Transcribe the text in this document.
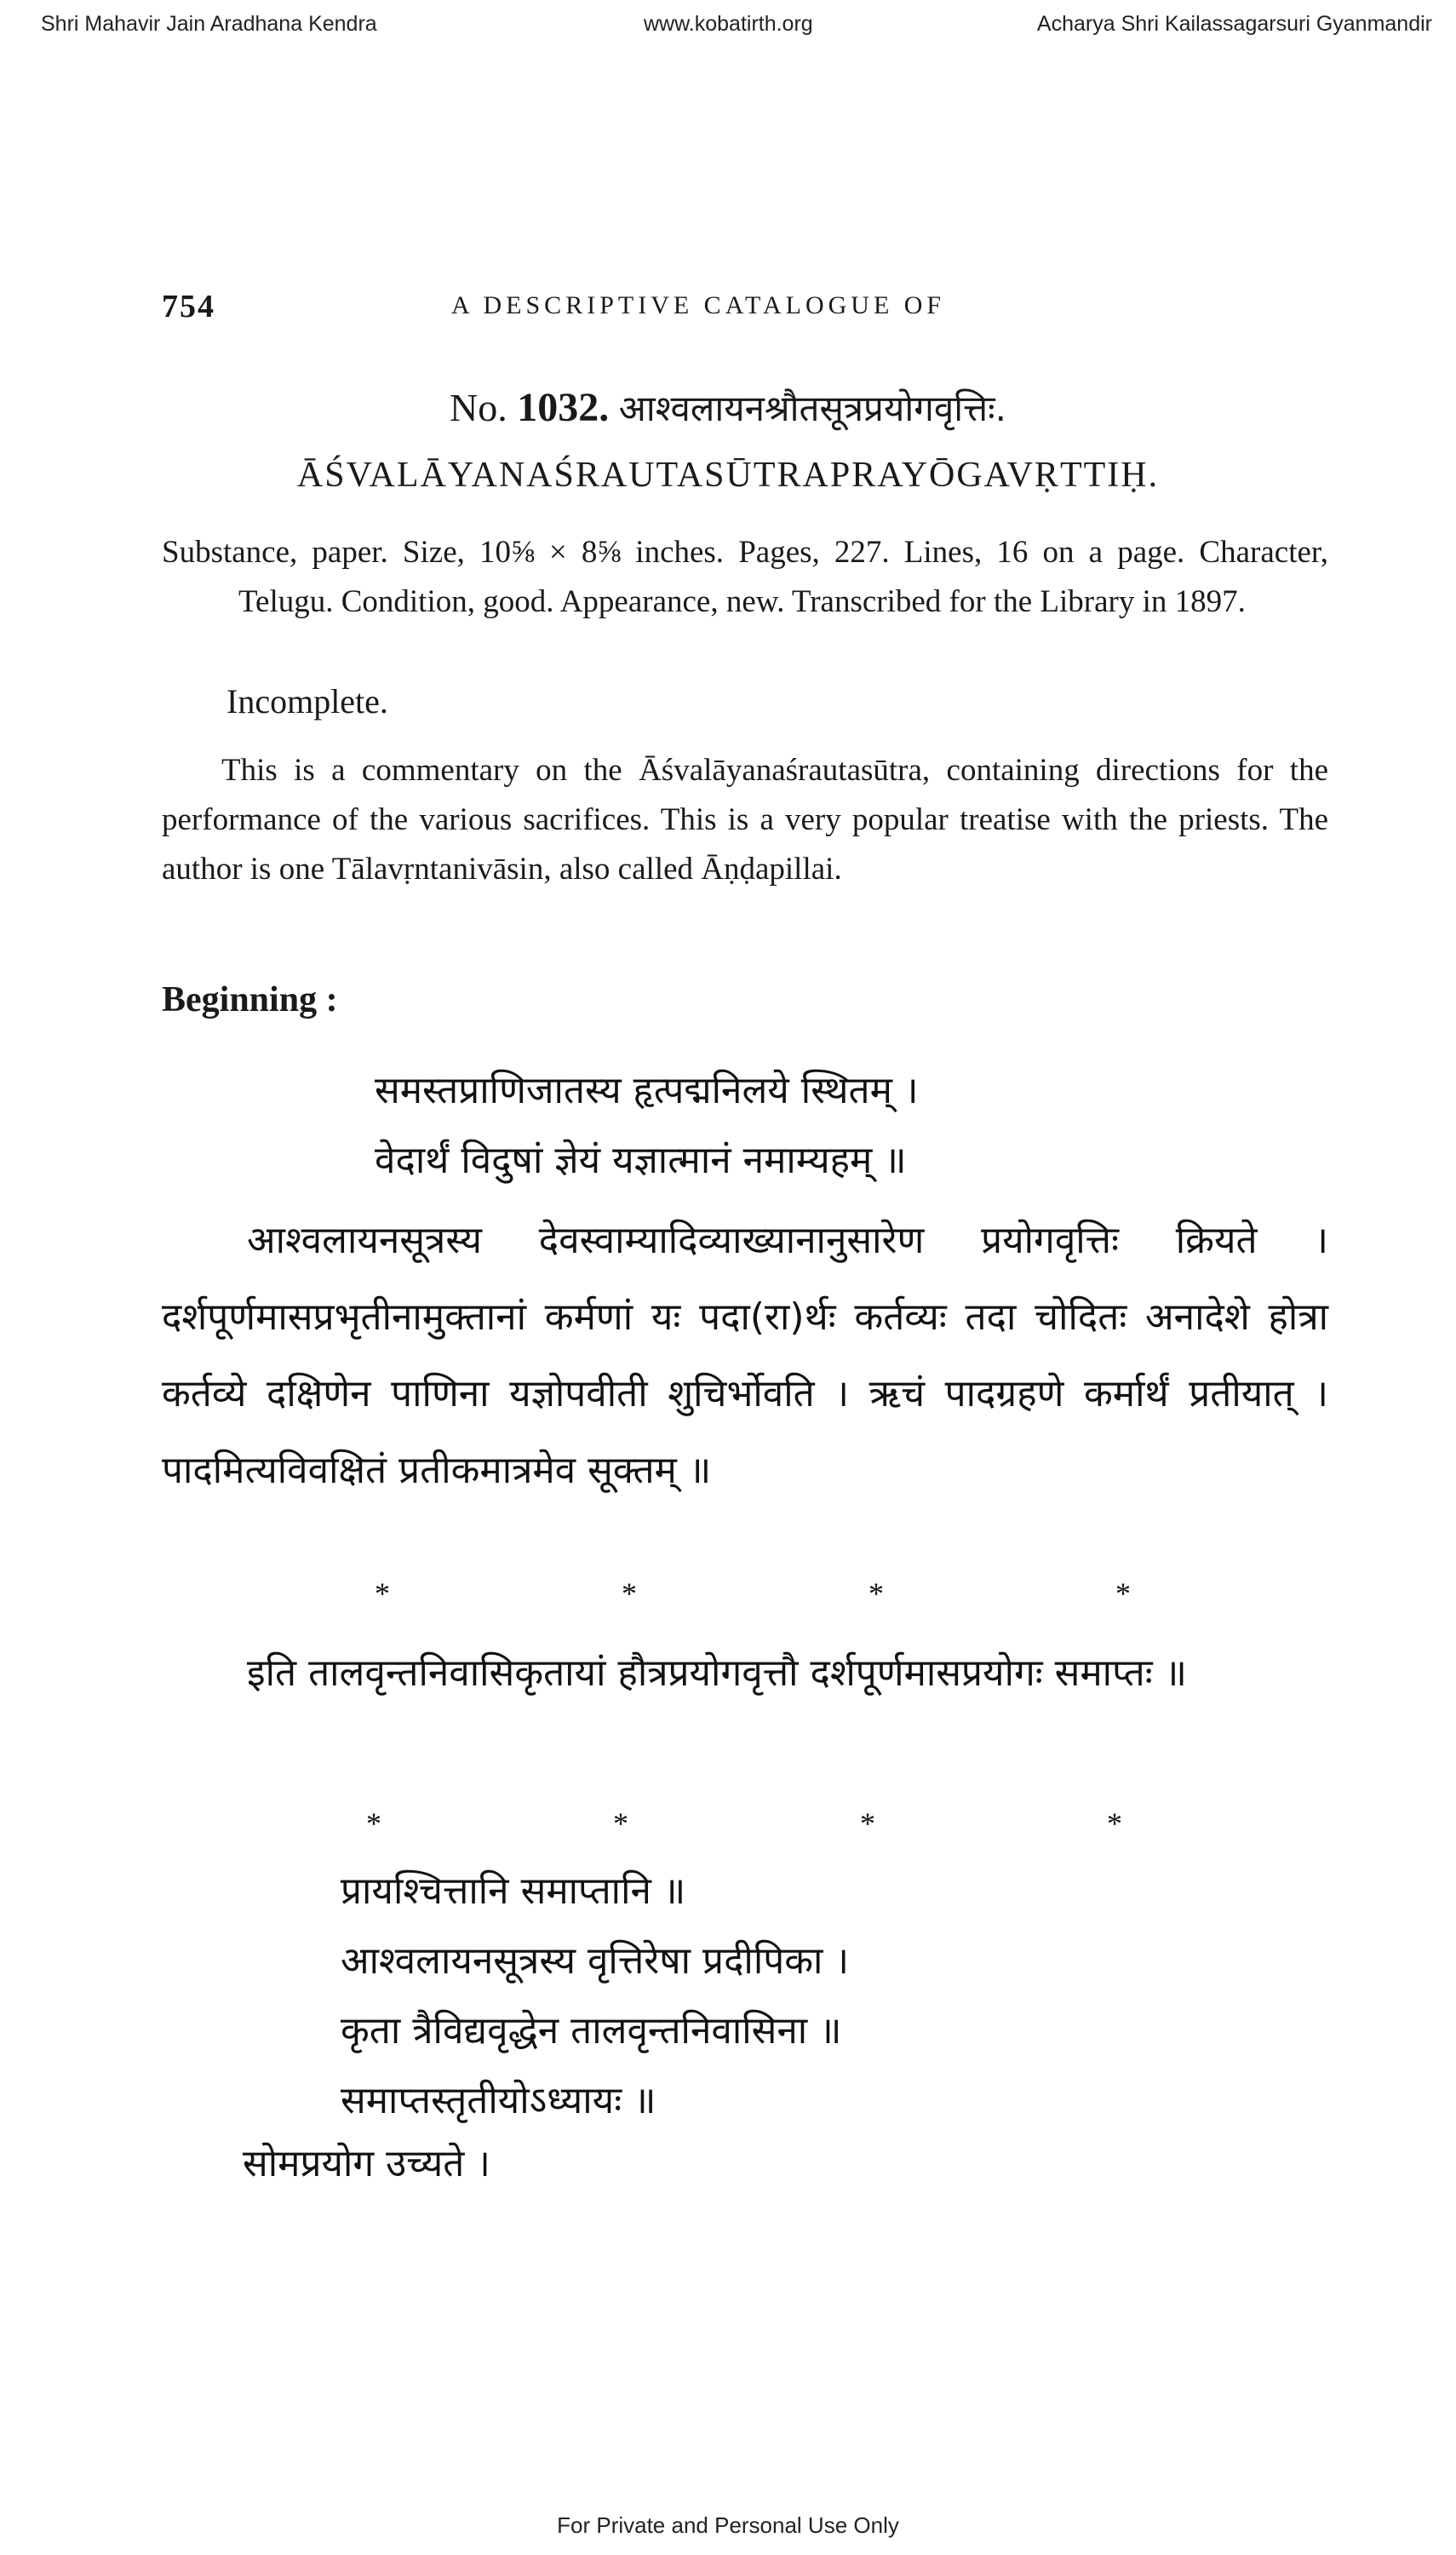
Shri Mahavir Jain Aradhana Kendra	www.kobatirth.org	Acharya Shri Kailassagarsuri Gyanmandir
754	A DESCRIPTIVE CATALOGUE OF
No. 1032. आश्वलायनश्रौतसूत्रप्रयोगवृत्तिः.
ĀŚVALĀYANAŚRAUTASŪTRAPRAYŌGAVṚTTIḤ.

Substance, paper. Size, 10⅝ × 8⅝ inches. Pages, 227. Lines, 16 on a page. Character, Telugu. Condition, good. Appearance, new. Transcribed for the Library in 1897.

Incomplete.
This is a commentary on the Āśvalāyanaśrautasūtra, containing directions for the performance of the various sacrifices. This is a very popular treatise with the priests. The author is one Tālavṛntanivāsin, also called Āṇḍapillai.
Beginning :
समस्तप्राणिजातस्य हृत्पद्मनिलये स्थितम् ।
वेदार्थं विदुषां ज्ञेयं यज्ञात्मानं नमाम्यहम् ॥
आश्वलायनसूत्रस्य देवस्वाम्यादिव्याख्यानानुसारेण प्रयोगवृत्तिः क्रियते । दर्शपूर्णमासप्रभृतीनामुक्तानां कर्मणां यः पदा(रा)र्थः कर्तव्यः तदा चोदितः अनादेशे होत्रा कर्तव्ये दक्षिणेन पाणिना यज्ञोपवीती शुचिर्भोवति । ऋचं पादग्रहणे कर्मार्थं प्रतीयात् । पादमित्यविवक्षितं प्रतीकमात्रमेव सूक्तम् ॥
*	*	*	*
इति तालवृन्तनिवासिकृतायां हौत्रप्रयोगवृत्तौ दर्शपूर्णमासप्रयोगः समाप्तः ॥
*	*	*	*
प्रायश्चित्तानि समाप्तानि ॥
आश्वलायनसूत्रस्य वृत्तिरेषा प्रदीपिका ।
कृता त्रैविद्यवृद्धेन तालवृन्तनिवासिना ॥
समाप्तस्तृतीयोऽध्यायः ॥
सोमप्रयोग उच्यते ।
For Private and Personal Use Only
